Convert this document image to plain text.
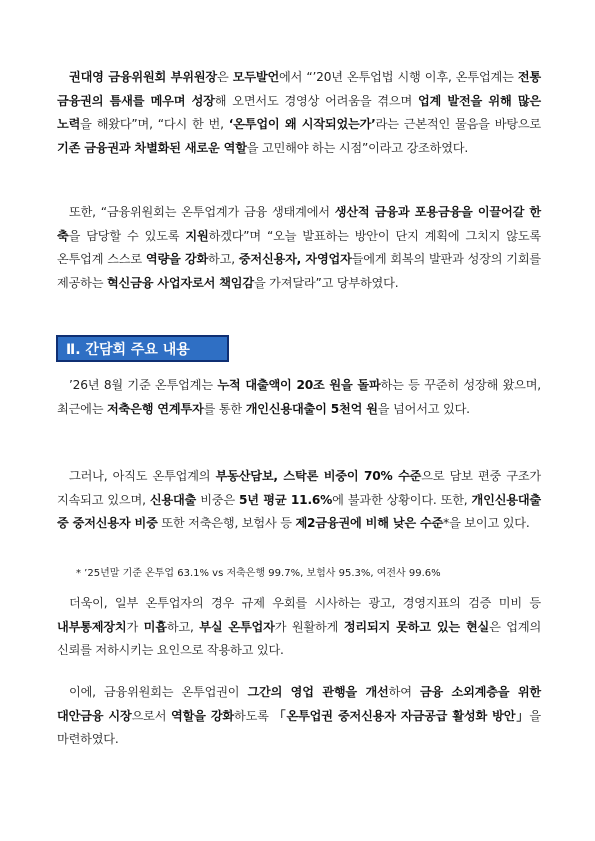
권대영 금융위원회 부위원장은 모두발언에서 “’20년 온투업법 시행 이후, 온투업계는 전통 금융권의 틈새를 메우며 성장해 오면서도 경영상 어려움을 겪으며 업계 발전을 위해 많은 노력을 해왔다”며, “다시 한 번, ‘온투업이 왜 시작되었는가’라는 근본적인 물음을 바탕으로 기존 금융권과 차별화된 새로운 역할을 고민해야 하는 시점”이라고 강조하였다.
또한, “금융위원회는 온투업계가 금융 생태계에서 생산적 금융과 포용금융을 이끌어갈 한 축을 담당할 수 있도록 지원하겠다”며 “오늘 발표하는 방안이 단지 계획에 그치지 않도록 온투업계 스스로 역량을 강화하고, 중저신용자, 자영업자들에게 회복의 발판과 성장의 기회를 제공하는 혁신금융 사업자로서 책임감을 가져달라”고 당부하였다.
Ⅱ. 간담회 주요 내용
’26년 8월 기준 온투업계는 누적 대출액이 20조 원을 돌파하는 등 꾸준히 성장해 왔으며, 최근에는 저축은행 연계투자를 통한 개인신용대출이 5천억 원을 넘어서고 있다.
그러나, 아직도 온투업계의 부동산담보, 스탁론 비중이 70% 수준으로 담보 편중 구조가 지속되고 있으며, 신용대출 비중은 5년 평균 11.6%에 불과한 상황이다. 또한, 개인신용대출 중 중저신용자 비중 또한 저축은행, 보험사 등 제2금융권에 비해 낮은 수준*을 보이고 있다.
* ’25년말 기준 온투업 63.1% vs 저축은행 99.7%, 보험사 95.3%, 여전사 99.6%
더욱이, 일부 온투업자의 경우 규제 우회를 시사하는 광고, 경영지표의 검증 미비 등 내부통제장치가 미흡하고, 부실 온투업자가 원활하게 정리되지 못하고 있는 현실은 업계의 신뢰를 저하시키는 요인으로 작용하고 있다.
이에, 금융위원회는 온투업권이 그간의 영업 관행을 개선하여 금융 소외계층을 위한 대안금융 시장으로서 역할을 강화하도록 「온투업권 중저신용자 자금공급 활성화 방안」을 마련하였다.
